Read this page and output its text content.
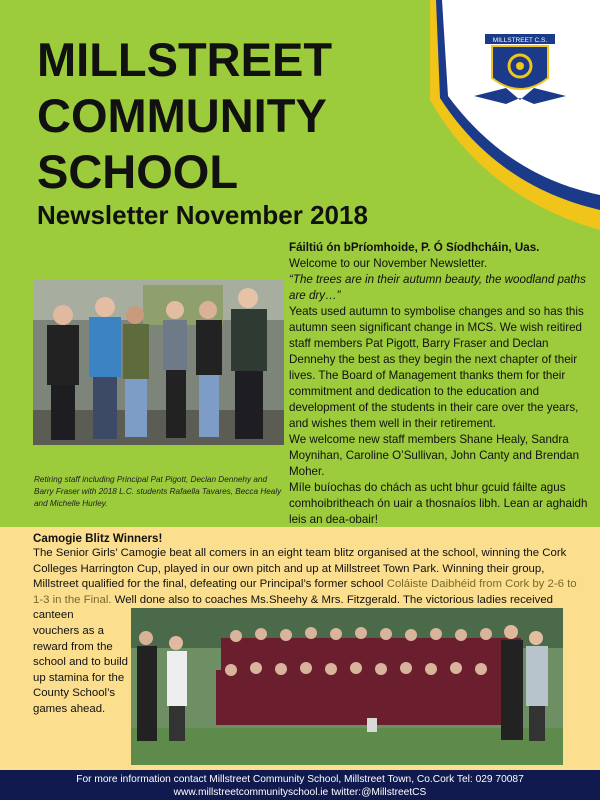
MILLSTREET
COMMUNITY
SCHOOL
Newsletter November 2018
MILLSTREET C.S.

Fáiltiú ón bPríomhoide, P. Ó Síodhcháin, Uas.

Welcome to our November Newsletter.

“The trees are in their autumn beauty, the woodland paths are dry…”

Yeats used autumn to symbolise changes and so has this autumn seen significant change in MCS. We wish reitired staff members Pat Pigott, Barry Fraser and Declan Dennehy the best as they begin the next chapter of their lives. The Board of Management thanks them for their commitment and dedication to the education and development of the students in their care over the years, and wishes them well in their retirement.

We welcome new staff members Shane Healy, Sandra Moynihan, Caroline O’Sullivan, John Canty and Brendan Moher.

Míle buíochas do chách as ucht bhur gcuid fáilte agus comhoibritheach ón uair a thosnaíos libh. Lean ar aghaidh leis an dea-obair!

Retiring staff including Principal Pat Pigott, Declan Dennehy and Barry Fraser with 2018 L.C. students Rafaella Tavares, Becca Healy and Michelle Hurley.
Camogie Blitz Winners!
The Senior Girls’ Camogie beat all comers in an eight team blitz organised at the school, winning the Cork Colleges Harrington Cup, played in our own pitch and up at Millstreet Town Park. Winning their group, Millstreet qualified for the final, defeating our Principal’s former school Coláiste Daibhéid from Cork by 2-6 to 1-3 in the Final. Well done also to coaches Ms.Sheehy & Mrs. Fitzgerald. The victorious ladies received canteen
vouchers as a reward from the school and to build up stamina for the County School’s games ahead.
For more information contact Millstreet Community School, Millstreet Town, Co.Cork Tel: 029 70087
www.millstreetcommunityschool.ie twitter:@MillstreetCS
